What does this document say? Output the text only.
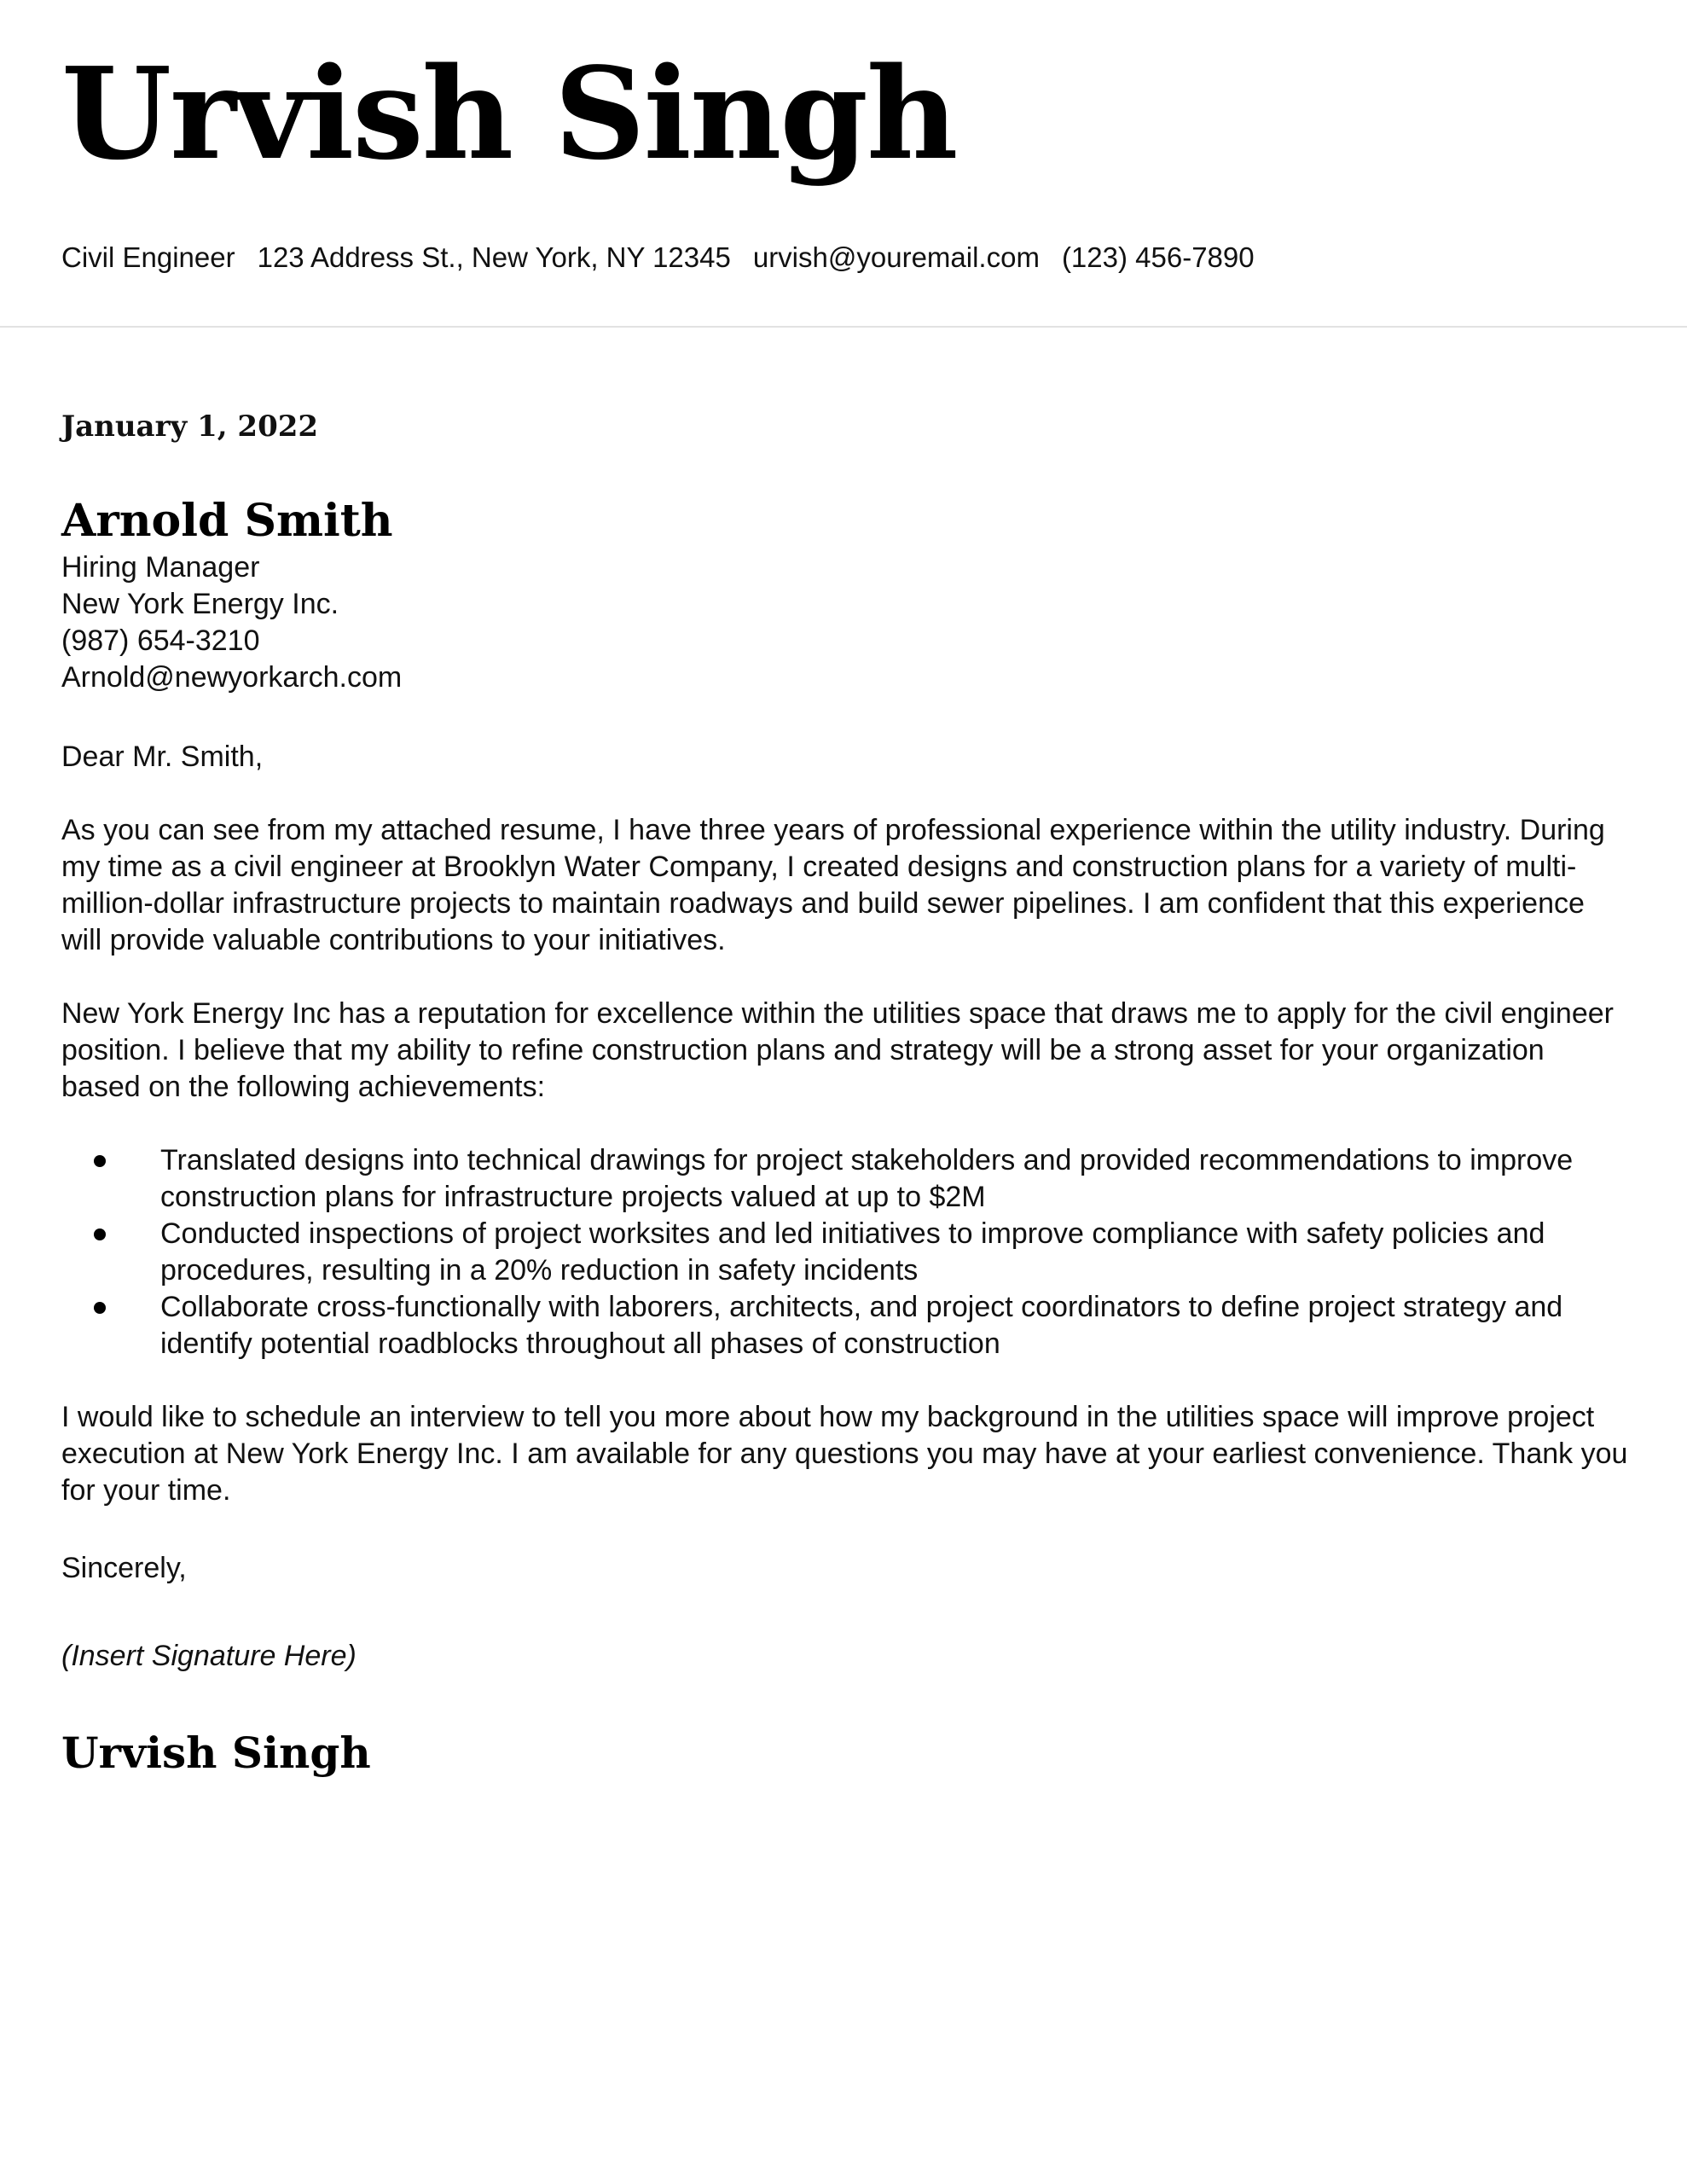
Urvish Singh
Civil Engineer 123 Address St., New York, NY 12345 urvish@youremail.com (123) 456-7890
January 1, 2022
Arnold Smith
Hiring Manager
New York Energy Inc.
(987) 654-3210
Arnold@newyorkarch.com
Dear Mr. Smith,

As you can see from my attached resume, I have three years of professional experience within the utility industry. During my time as a civil engineer at Brooklyn Water Company, I created designs and construction plans for a variety of multi-million-dollar infrastructure projects to maintain roadways and build sewer pipelines. I am confident that this experience will provide valuable contributions to your initiatives.

New York Energy Inc has a reputation for excellence within the utilities space that draws me to apply for the civil engineer position. I believe that my ability to refine construction plans and strategy will be a strong asset for your organization based on the following achievements:

Translated designs into technical drawings for project stakeholders and provided recommendations to improve construction plans for infrastructure projects valued at up to $2M
Conducted inspections of project worksites and led initiatives to improve compliance with safety policies and procedures, resulting in a 20% reduction in safety incidents
Collaborate cross-functionally with laborers, architects, and project coordinators to define project strategy and identify potential roadblocks throughout all phases of construction

I would like to schedule an interview to tell you more about how my background in the utilities space will improve project execution at New York Energy Inc. I am available for any questions you may have at your earliest convenience. Thank you for your time.

Sincerely,
(Insert Signature Here)
Urvish Singh
